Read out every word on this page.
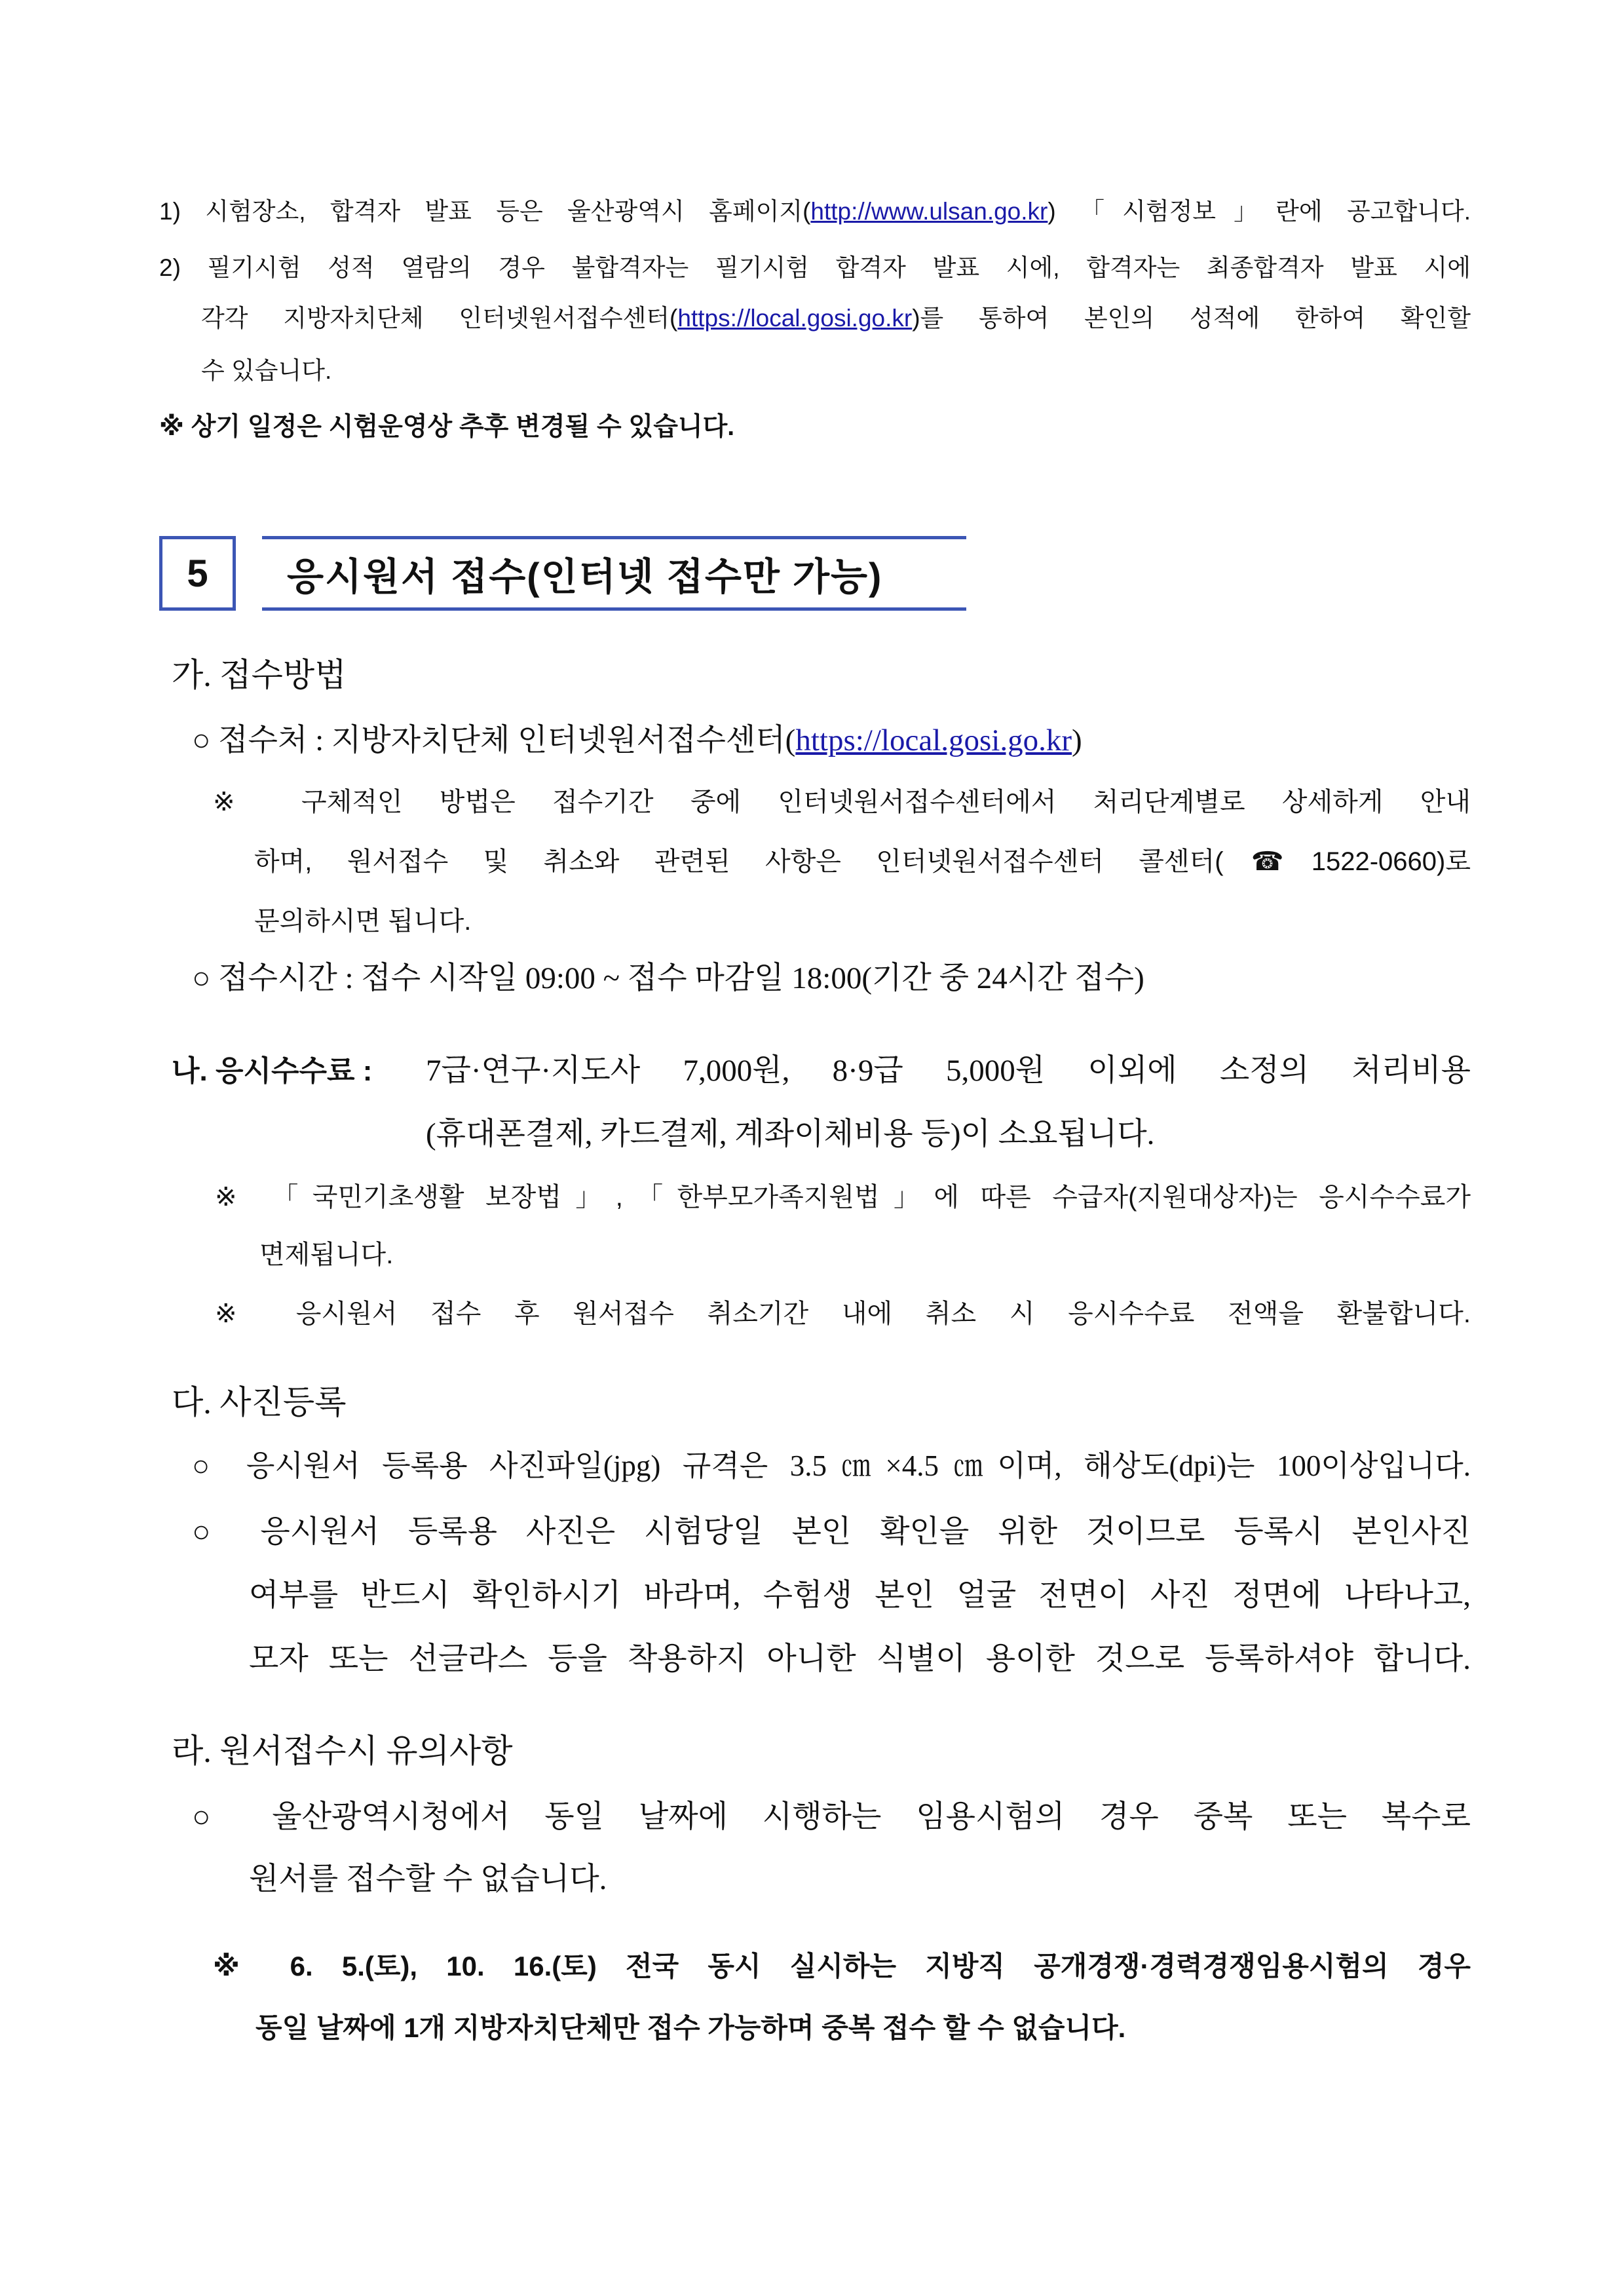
1) 시험장소, 합격자 발표 등은 울산광역시 홈페이지(http://www.ulsan.go.kr) 「시험정보」란에 공고합니다.
2) 필기시험 성적 열람의 경우 불합격자는 필기시험 합격자 발표 시에, 합격자는 최종합격자 발표 시에
각각 지방자치단체 인터넷원서접수센터(https://local.gosi.go.kr)를 통하여 본인의 성적에 한하여 확인할
수 있습니다.
※ 상기 일정은 시험운영상 추후 변경될 수 있습니다.
5	응시원서 접수(인터넷 접수만 가능)
가. 접수방법
○ 접수처 : 지방자치단체 인터넷원서접수센터(https://local.gosi.go.kr)
※ 구체적인 방법은 접수기간 중에 인터넷원서접수센터에서 처리단계별로 상세하게 안내
하며, 원서접수 및 취소와 관련된 사항은 인터넷원서접수센터 콜센터(☎1522-0660)로
문의하시면 됩니다.
○ 접수시간 : 접수 시작일 09:00 ~ 접수 마감일 18:00(기간 중 24시간 접수)
나. 응시수수료 : 7급·연구·지도사 7,000원, 8·9급 5,000원 이외에 소정의 처리비용
(휴대폰결제, 카드결제, 계좌이체비용 등)이 소요됩니다.
※ 「국민기초생활 보장법」,「한부모가족지원법」에 따른 수급자(지원대상자)는 응시수수료가
면제됩니다.
※ 응시원서 접수 후 원서접수 취소기간 내에 취소 시 응시수수료 전액을 환불합니다.
다. 사진등록
○ 응시원서 등록용 사진파일(jpg) 규격은 3.5㎝×4.5㎝이며, 해상도(dpi)는 100이상입니다.
○ 응시원서 등록용 사진은 시험당일 본인 확인을 위한 것이므로 등록시 본인사진
여부를 반드시 확인하시기 바라며, 수험생 본인 얼굴 전면이 사진 정면에 나타나고,
모자 또는 선글라스 등을 착용하지 아니한 식별이 용이한 것으로 등록하셔야 합니다.
라. 원서접수시 유의사항
○ 울산광역시청에서 동일 날짜에 시행하는 임용시험의 경우 중복 또는 복수로
원서를 접수할 수 없습니다.
※ 6. 5.(토), 10. 16.(토) 전국 동시 실시하는 지방직 공개경쟁·경력경쟁임용시험의 경우
동일 날짜에 1개 지방자치단체만 접수 가능하며 중복 접수 할 수 없습니다.
